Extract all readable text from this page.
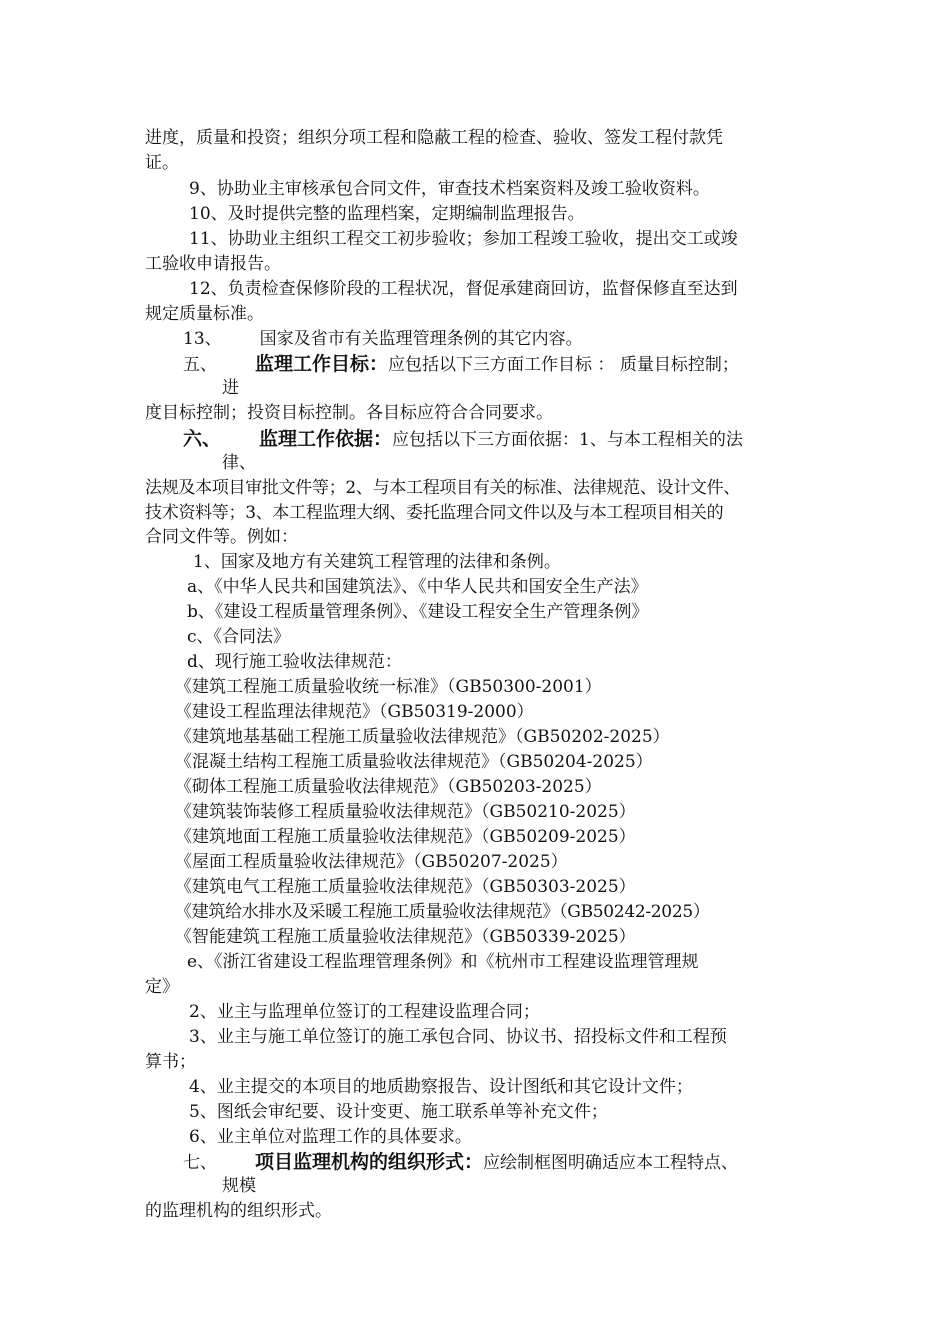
进度，质量和投资；组织分项工程和隐蔽工程的检查、验收、签发工程付款凭
证。
9、协助业主审核承包合同文件，审查技术档案资料及竣工验收资料。
10、及时提供完整的监理档案，定期编制监理报告。
11、协助业主组织工程交工初步验收；参加工程竣工验收，提出交工或竣
工验收申请报告。
12、负责检查保修阶段的工程状况，督促承建商回访，监督保修直至达到
规定质量标准。
13、 国家及省市有关监理管理条例的其它内容。
五、 监理工作目标：应包括以下三方面工作目标 ： 质量目标控制；
进
度目标控制；投资目标控制。各目标应符合合同要求。
六、 监理工作依据：应包括以下三方面依据：1、与本工程相关的法
律、
法规及本项目审批文件等；2、与本工程项目有关的标准、法律规范、设计文件、
技术资料等；3、本工程监理大纲、委托监理合同文件以及与本工程项目相关的
合同文件等。例如：
1、国家及地方有关建筑工程管理的法律和条例。
a、《中华人民共和国建筑法》、《中华人民共和国安全生产法》
b、《建设工程质量管理条例》、《建设工程安全生产管理条例》
c、《合同法》
d、现行施工验收法律规范：
《建筑工程施工质量验收统一标准》（GB50300-2001）
《建设工程监理法律规范》（GB50319-2000）
《建筑地基基础工程施工质量验收法律规范》（GB50202-2025）
《混凝土结构工程施工质量验收法律规范》（GB50204-2025）
《砌体工程施工质量验收法律规范》（GB50203-2025）
《建筑装饰装修工程质量验收法律规范》（GB50210-2025）
《建筑地面工程施工质量验收法律规范》（GB50209-2025）
《屋面工程质量验收法律规范》（GB50207-2025）
《建筑电气工程施工质量验收法律规范》（GB50303-2025）
《建筑给水排水及采暖工程施工质量验收法律规范》（GB50242-2025）
《智能建筑工程施工质量验收法律规范》（GB50339-2025）
e、《浙江省建设工程监理管理条例》和《杭州市工程建设监理管理规
定》
2、业主与监理单位签订的工程建设监理合同；
3、业主与施工单位签订的施工承包合同、协议书、招投标文件和工程预
算书；
4、业主提交的本项目的地质勘察报告、设计图纸和其它设计文件；
5、图纸会审纪要、设计变更、施工联系单等补充文件；
6、业主单位对监理工作的具体要求。
七、 项目监理机构的组织形式：应绘制框图明确适应本工程特点、
规模
的监理机构的组织形式。
